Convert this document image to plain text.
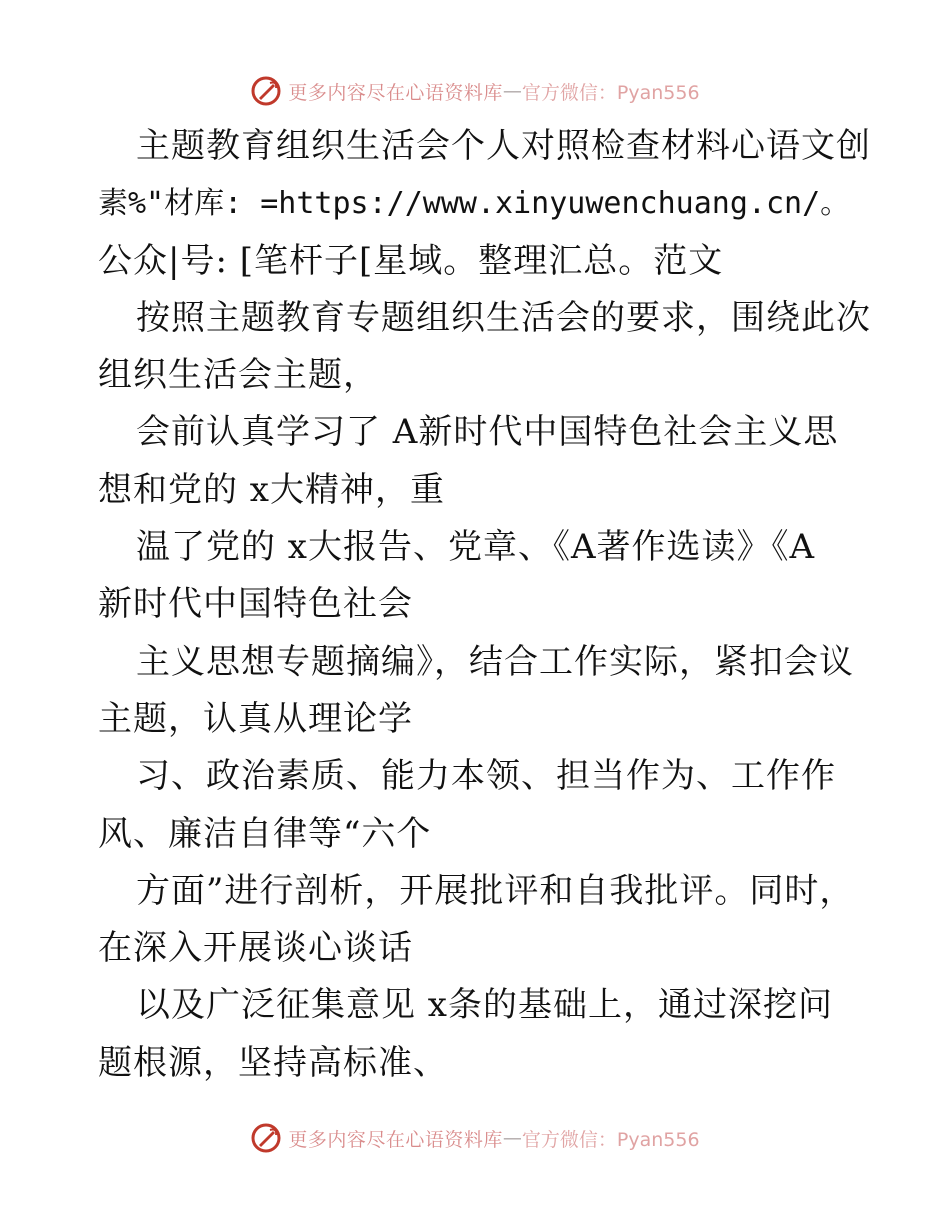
更多内容尽在心语资料库 — 官方微信：Pyan556
主题教育组织生活会个人对照检查材料心语文创
素%"材库: =https://www.xinyuwenchuang.cn/。
公众|号: [笔杆子[星域。整理汇总。范文
按照主题教育专题组织生活会的要求，围绕此次
组织生活会主题，
会前认真学习了 A新时代中国特色社会主义思
想和党的 x大精神，重
温了党的 x大报告、党章、《A著作选读》《A
新时代中国特色社会
主义思想专题摘编》，结合工作实际，紧扣会议
主题，认真从理论学
习、政治素质、能力本领、担当作为、工作作
风、廉洁自律等“六个
方面”进行剖析，开展批评和自我批评。同时，
在深入开展谈心谈话
以及广泛征集意见 x条的基础上，通过深挖问
题根源，坚持高标准、
更多内容尽在心语资料库 — 官方微信：Pyan556
